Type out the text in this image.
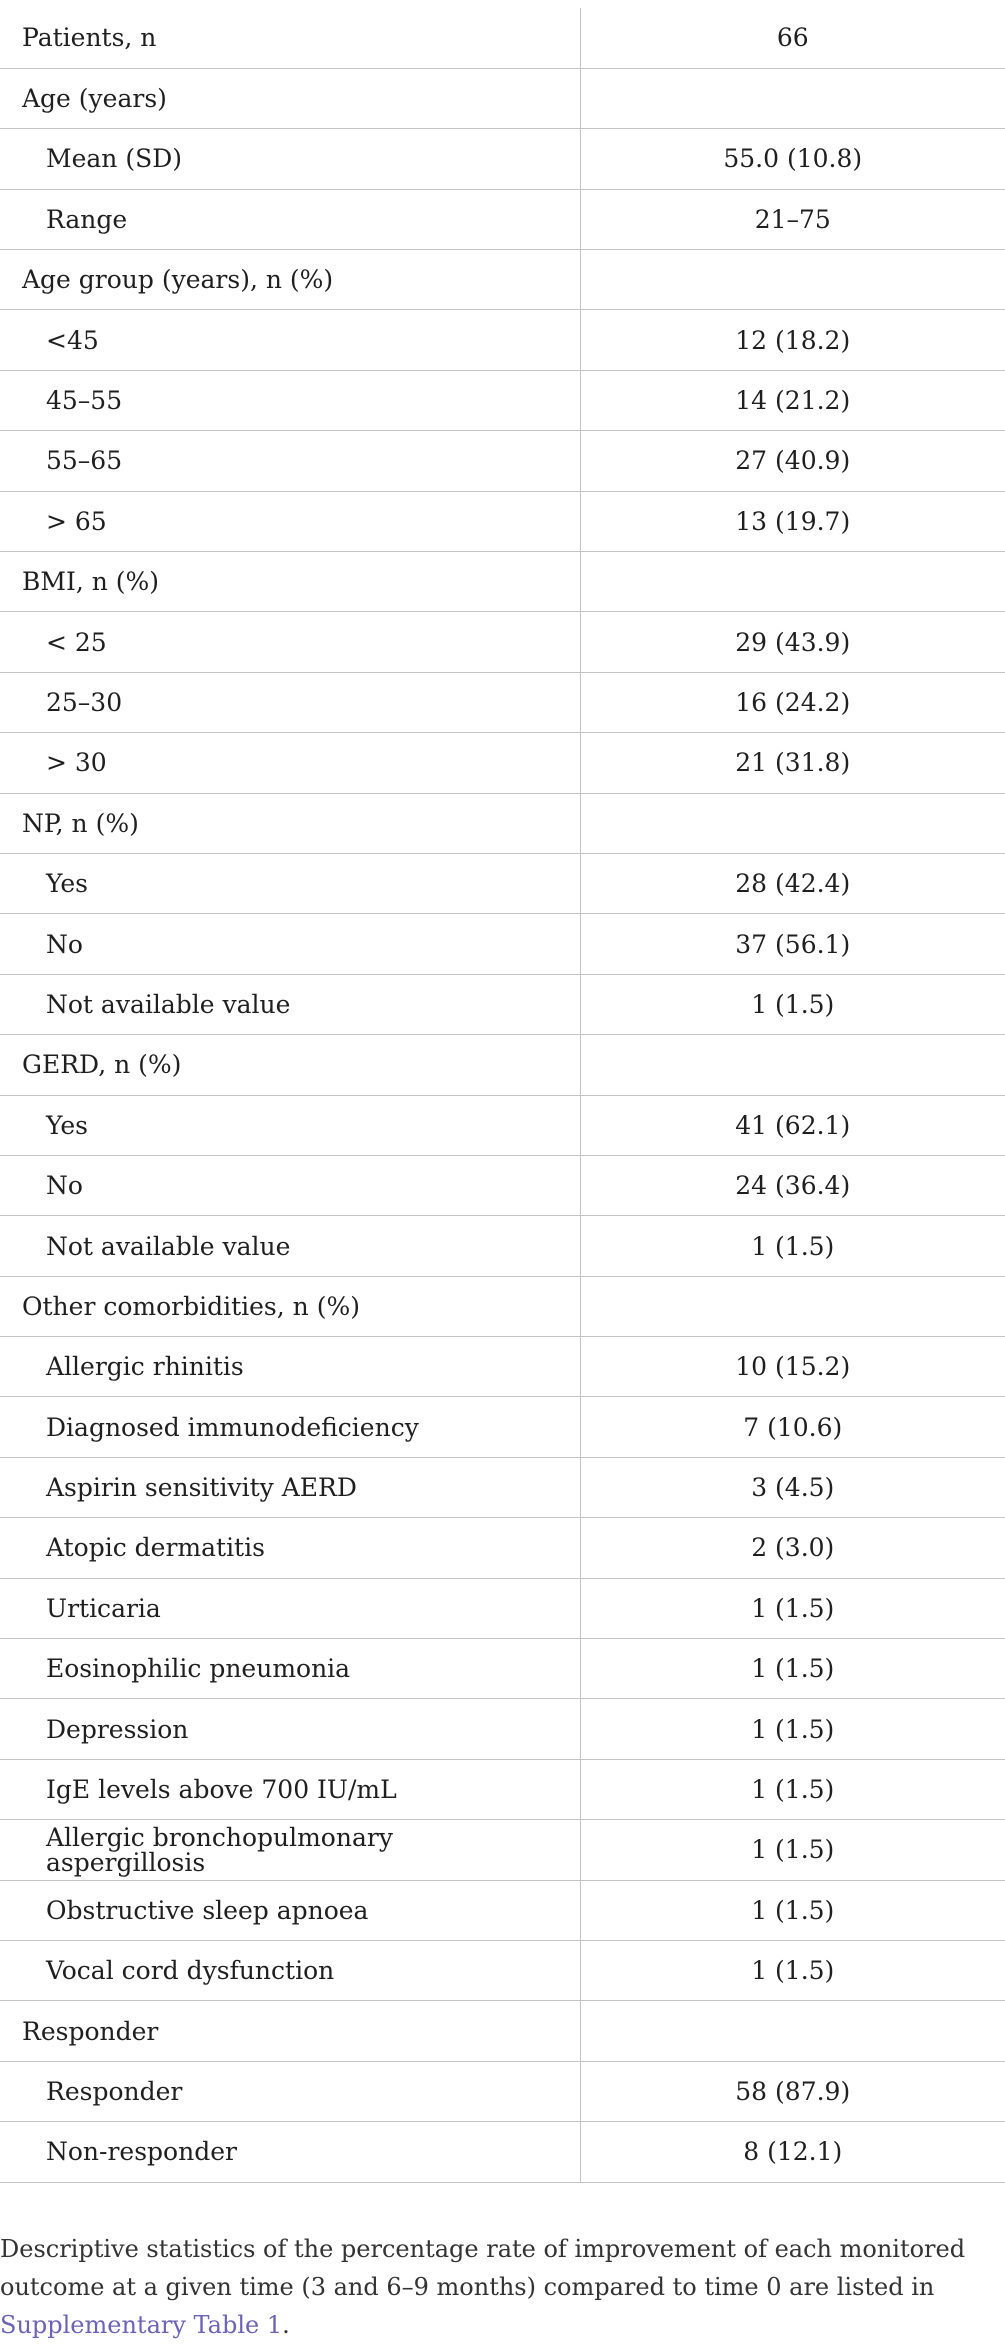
Patients, n	66
Age (years)	
Mean (SD)	55.0 (10.8)
Range	21–75
Age group (years), n (%)	
<45	12 (18.2)
45–55	14 (21.2)
55–65	27 (40.9)
> 65	13 (19.7)
BMI, n (%)	
< 25	29 (43.9)
25–30	16 (24.2)
> 30	21 (31.8)
NP, n (%)	
Yes	28 (42.4)
No	37 (56.1)
Not available value	1 (1.5)
GERD, n (%)	
Yes	41 (62.1)
No	24 (36.4)
Not available value	1 (1.5)
Other comorbidities, n (%)	
Allergic rhinitis	10 (15.2)
Diagnosed immunodeficiency	7 (10.6)
Aspirin sensitivity AERD	3 (4.5)
Atopic dermatitis	2 (3.0)
Urticaria	1 (1.5)
Eosinophilic pneumonia	1 (1.5)
Depression	1 (1.5)
IgE levels above 700 IU/mL	1 (1.5)
Allergic bronchopulmonary aspergillosis	1 (1.5)
Obstructive sleep apnoea	1 (1.5)
Vocal cord dysfunction	1 (1.5)
Responder	
Responder	58 (87.9)
Non-responder	8 (12.1)
Descriptive statistics of the percentage rate of improvement of each monitored outcome at a given time (3 and 6–9 months) compared to time 0 are listed in Supplementary Table 1.
